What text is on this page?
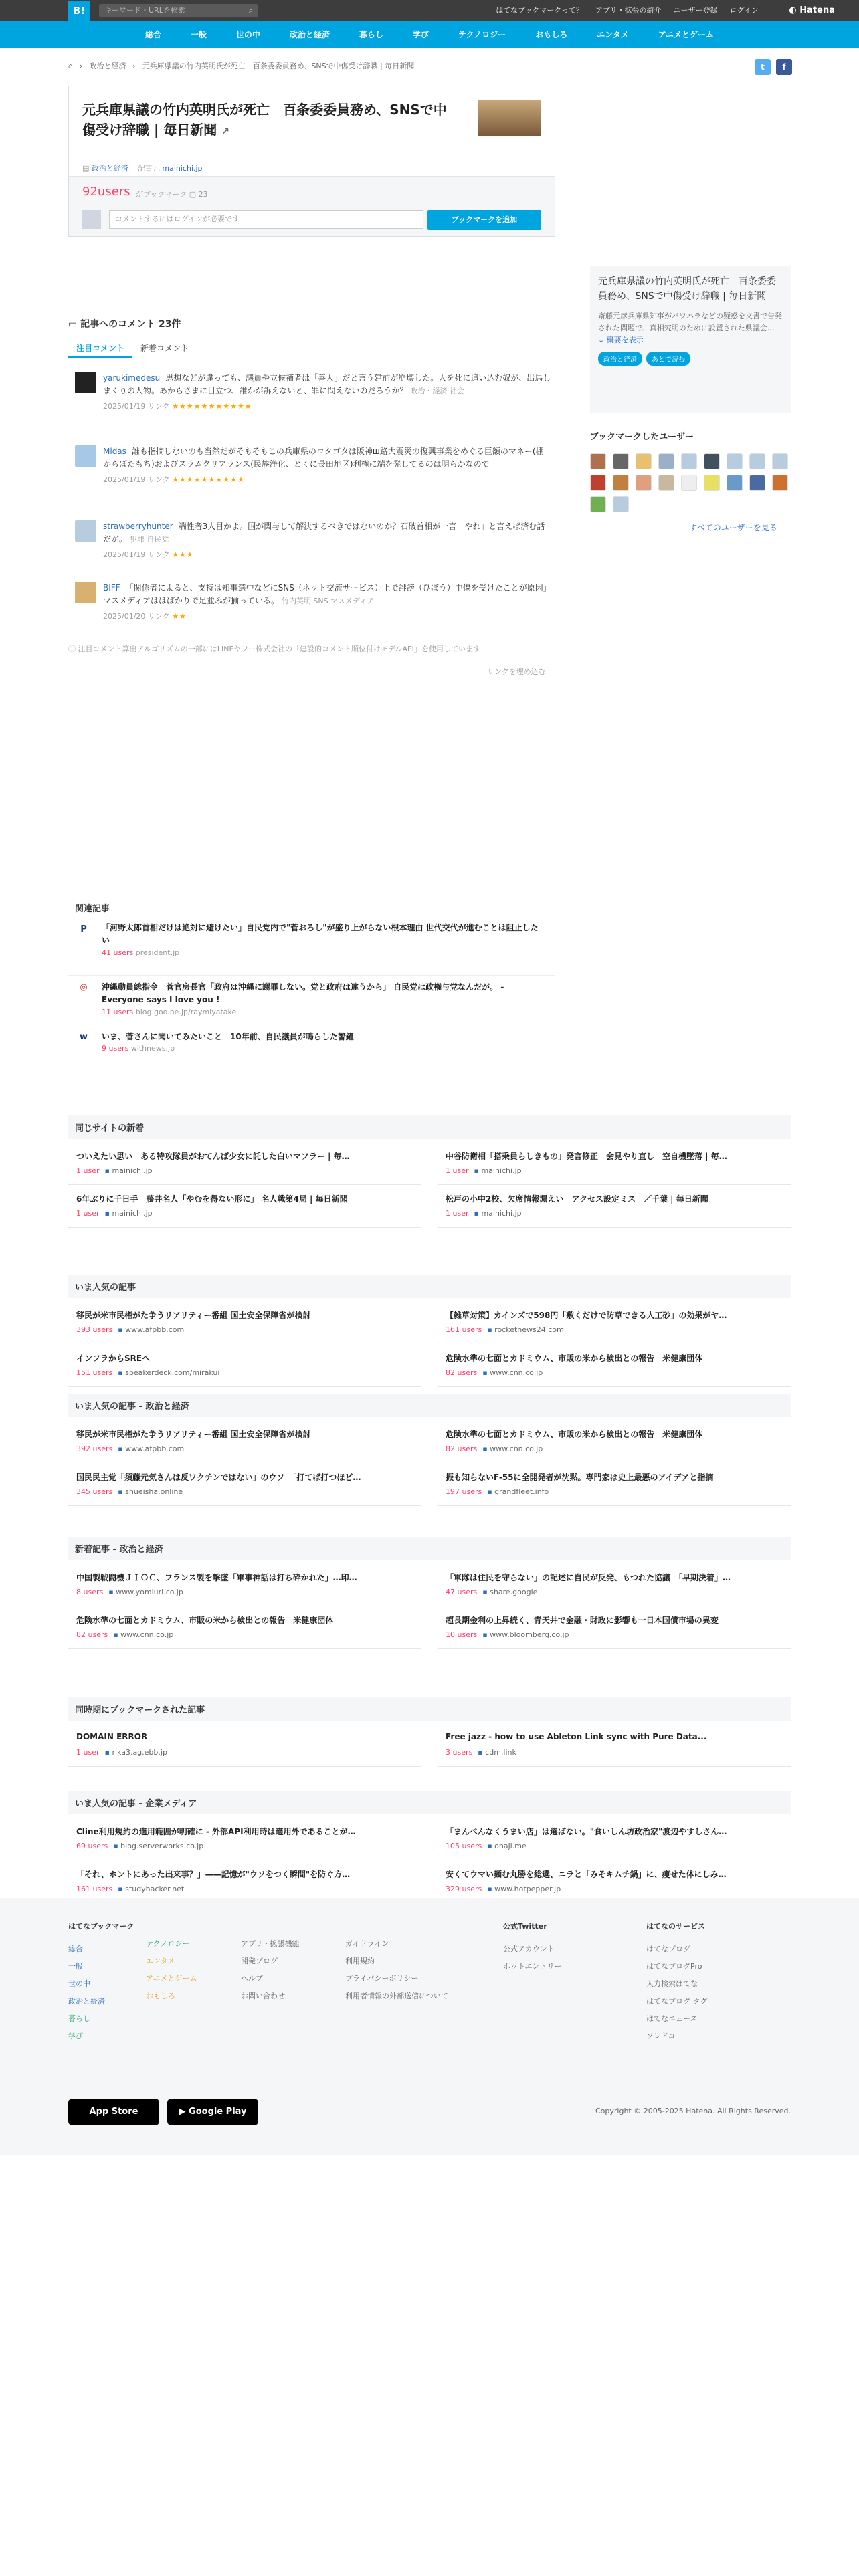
B!	キーワード・URLを検索	⌕	はてなブックマークって？ アプリ・拡張の紹介 ユーザー登録 ログイン	◐ Hatena
総合	一般	世の中	政治と経済	暮らし	学び	テクノロジー	おもしろ	エンタメ	アニメとゲーム
⌂ › 政治と経済 › 元兵庫県議の竹内英明氏が死亡　百条委委員務め、SNSで中傷受け辞職 | 毎日新聞	t	f
元兵庫県議の竹内英明氏が死亡　百条委委員務め、SNSで中傷受け辞職 | 毎日新聞 ↗
▤ 政治と経済 記事元 mainichi.jp
92users がブックマーク ▢ 23
コメントするにはログインが必要です	ブックマークを追加
▭ 記事へのコメント 23件
注目コメント	新着コメント
yarukimedesu 思想などが違っても、議員や立候補者は「善人」だと言う建前が崩壊した。人を死に追い込む奴が、出馬しまくりの人物。あからさまに目立つ、誰かが訴えないと、罪に問えないのだろうか？ 政治・経済 社会
2025/01/19 リンク ★★★★★★★★★★★
Midas 誰も指摘しないのも当然だがそもそもこの兵庫県のコタゴタは阪神ш路大震災の復興事業をめぐる巨額のマネー(棚からぼたもち)およびスラムクリアランス(民族浄化、とくに長田地区)利権に端を発してるのは明らかなので
2025/01/19 リンク ★★★★★★★★★★
strawberryhunter 端性者3人目かよ。国が関与して解決するべきではないのか？石破首相が一言「やれ」と言えば済む話だが。 犯罪 自民党
2025/01/19 リンク ★★★
BIFF 「関係者によると、支持は知事選中などにSNS（ネット交流サービス）上で誹謗（ひぼう）中傷を受けたことが原因」マスメディアははばかりで足並みが揃っている。 竹内英明 SNS マスメディア
2025/01/20 リンク ★★
ⓘ 注目コメント算出アルゴリズムの一部にはLINEヤフー株式会社の「建設的コメント順位付けモデルAPI」を使用しています
リンクを埋め込む
元兵庫県議の竹内英明氏が死亡　百条委委員務め、SNSで中傷受け辞職 | 毎日新聞
斎藤元彦兵庫県知事がパワハラなどの疑惑を文書で告発された問題で、真相究明のために設置された県議会… ⌄ 概要を表示
政治と経済	あとで読む
ブックマークしたユーザー
すべてのユーザーを見る
関連記事
P	「河野太郎首相だけは絶対に避けたい」自民党内で"菅おろし"が盛り上がらない根本理由 世代交代が進むことは阻止したい
41 users president.jp
◎ 沖縄動員総指令　菅官房長官「政府は沖縄に謝罪しない。党と政府は違うから」 自民党は政権与党なんだが。 - Everyone says I love you !
11 users blog.goo.ne.jp/raymiyatake
w いま、菅さんに聞いてみたいこと　10年前、自民議員が鳴らした警鐘
9 users withnews.jp
同じサイトの新着
ついえたい思い　ある特攻隊員がおてんば少女に託した白いマフラー | 毎…
1 user ▪ mainichi.jp
中谷防衛相「搭乗員らしきもの」発言修正　会見やり直し　空自機墜落 | 毎…
1 user ▪ mainichi.jp
6年ぶりに千日手　藤井名人「やむを得ない形に」 名人戦第4局 | 毎日新聞
1 user ▪ mainichi.jp
松戸の小中2校、欠席情報漏えい　アクセス設定ミス　／千葉 | 毎日新聞
1 user ▪ mainichi.jp
いま人気の記事
移民が米市民権がた争うリアリティー番組 国土安全保障省が検討
393 users ▪ www.afpbb.com
【雑草対策】カインズで598円「敷くだけで防草できる人工砂」の効果がヤ…
161 users ▪ rocketnews24.com
インフラからSREへ
151 users ▪ speakerdeck.com/mirakui
危険水準の七面とカドミウム、市販の米から検出との報告　米健康団体
82 users ▪ www.cnn.co.jp
いま人気の記事 - 政治と経済
移民が米市民権がた争うリアリティー番組 国土安全保障省が検討
392 users ▪ www.afpbb.com
危険水準の七面とカドミウム、市販の米から検出との報告　米健康団体
82 users ▪ www.cnn.co.jp
国民民主党「須藤元気さんは反ワクチンではない」のウソ　「打てば打つほど…
345 users ▪ shueisha.online
振も知らないF-55に全開発者が沈黙。専門家は史上最悪のアイデアと指摘
197 users ▪ grandfleet.info
新着記事 - 政治と経済
中国製戦闘機ＪＩＯＣ、フランス製を撃墜「軍事神話は打ち砕かれた」…印…
8 users ▪ www.yomiuri.co.jp
「軍隊は住民を守らない」の記述に自民が反発、もつれた協議　「早期決着」…
47 users ▪ share.google
危険水準の七面とカドミウム、市販の米から検出との報告　米健康団体
82 users ▪ www.cnn.co.jp
超長期金利の上昇続く、青天井で金融・財政に影響も一日本国債市場の異変
10 users ▪ www.bloomberg.co.jp
同時期にブックマークされた記事
DOMAIN ERROR
1 user ▪ rika3.ag.ebb.jp
Free jazz - how to use Ableton Link sync with Pure Data...
3 users ▪ cdm.link
いま人気の記事 - 企業メディア
Cline利用規約の適用範囲が明確に - 外部API利用時は適用外であることが…
69 users ▪ blog.serverworks.co.jp
「まんべんなくうまい店」は選ばない。"食いしん坊政治家"渡辺やすしさん…
105 users ▪ onaji.me
「それ、ホントにあった出来事？」——記憶が"ウソをつく瞬間"を防ぐ方…
161 users ▪ studyhacker.net
安くてウマい麺む丸勝を総選、ニラと「みそキムチ鍋」に、痩せた体にしみ…
329 users ▪ www.hotpepper.jp
はてなブックマーク
総合
一般
世の中
政治と経済
暮らし
学び
テクノロジー
エンタメ
アニメとゲーム
おもしろ
アプリ・拡張機能
開発ブログ
ヘルプ
お問い合わせ
ガイドライン
利用規約
プライバシーポリシー
利用者情報の外部送信について
公式Twitter
公式アカウント
ホットエントリー
はてなのサービス
はてなブログ
はてなブログPro
人力検索はてな
はてなブログ タグ
はてなニュース
ソレドコ
App Store	▶ Google Play	Copyright © 2005-2025 Hatena. All Rights Reserved.
